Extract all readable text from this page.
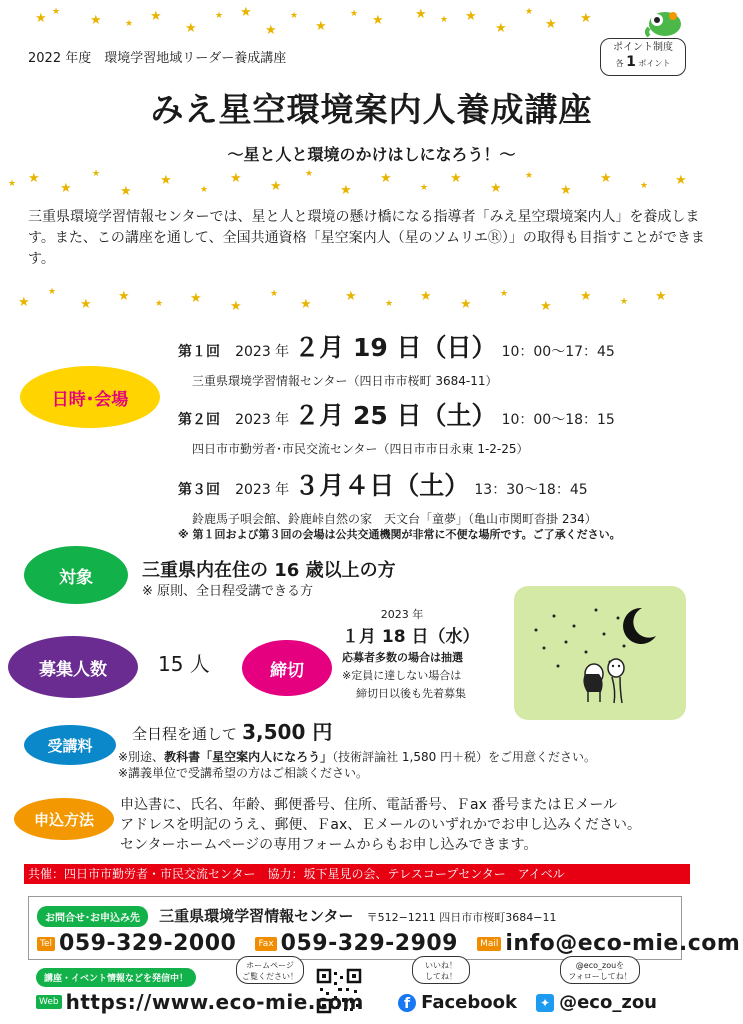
★ ★
★	★ ★
★
★ ★
★
★
★
★ ★ ★ ★ ★
★
★
★ ★
2022 年度　環境学習地域リーダー養成講座
ポイント制度
各 1 ポイント
みえ星空環境案内人養成講座
～星と人と環境のかけはしになろう！～
★ ★
★
★
★
★
★
★
★
★
★
★
★
★
★
★
★
★	★ ★

三重県環境学習情報センターでは、星と人と環境の懸け橋になる指導者「みえ星空環境案内人」を養成します。また、この講座を通して、全国共通資格「星空案内人（星のソムリエⓇ）」の取得も目指すことができます。

★
★
★
★	★ ★
★
★
★
★	★ ★
★
★
★
★	★ ★
日時･会場
第１回 2023 年 ２月 19 日（日） 10：00～17：45
三重県環境学習情報センター（四日市市桜町 3684-11）
第２回 2023 年 ２月 25 日（土） 10：00～18：15
四日市市勤労者･市民交流センター（四日市市日永東 1-2-25）
第３回 2023 年 ３月４日（土） 13：30～18：45
鈴鹿馬子唄会館、鈴鹿峠自然の家　天文台「童夢」（亀山市関町沓掛 234）
※ 第１回および第３回の会場は公共交通機関が非常に不便な場所です。ご了承ください。
対象	三重県内在住の 16 歳以上の方
※ 原則、全日程受講できる方
募集人数	15 人	締切
2023 年
１月 18 日（水）
応募者多数の場合は抽選
※定員に達しない場合は
締切日以後も先着募集
受講料
全日程を通して 3,500 円
※別途、教科書「星空案内人になろう」（技術評論社 1,580 円＋税）をご用意ください。
※講義単位で受講希望の方はご相談ください。
申込方法
申込書に、氏名、年齢、郵便番号、住所、電話番号、Ｆax 番号またはＥメール
アドレスを明記のうえ、郵便、Ｆax、Ｅメールのいずれかでお申し込みください。
センターホームページの専用フォームからもお申し込みできます。
共催：四日市市勤労者・市民交流センター　協力：坂下星見の会、テレスコープセンター　アイベル
お問合せ･お申込み先 三重県環境学習情報センター 〒512−1211 四日市市桜町3684−11
Tel 059-329-2000 Fax 059-329-2909 Mail info@eco-mie.com
講座・イベント情報などを発信中！
ホームページ
ご覧ください！
いいね！
してね！
@eco_zouを
フォローしてね！
Web https://www.eco-mie.com	f Facebook	✦ @eco_zou
